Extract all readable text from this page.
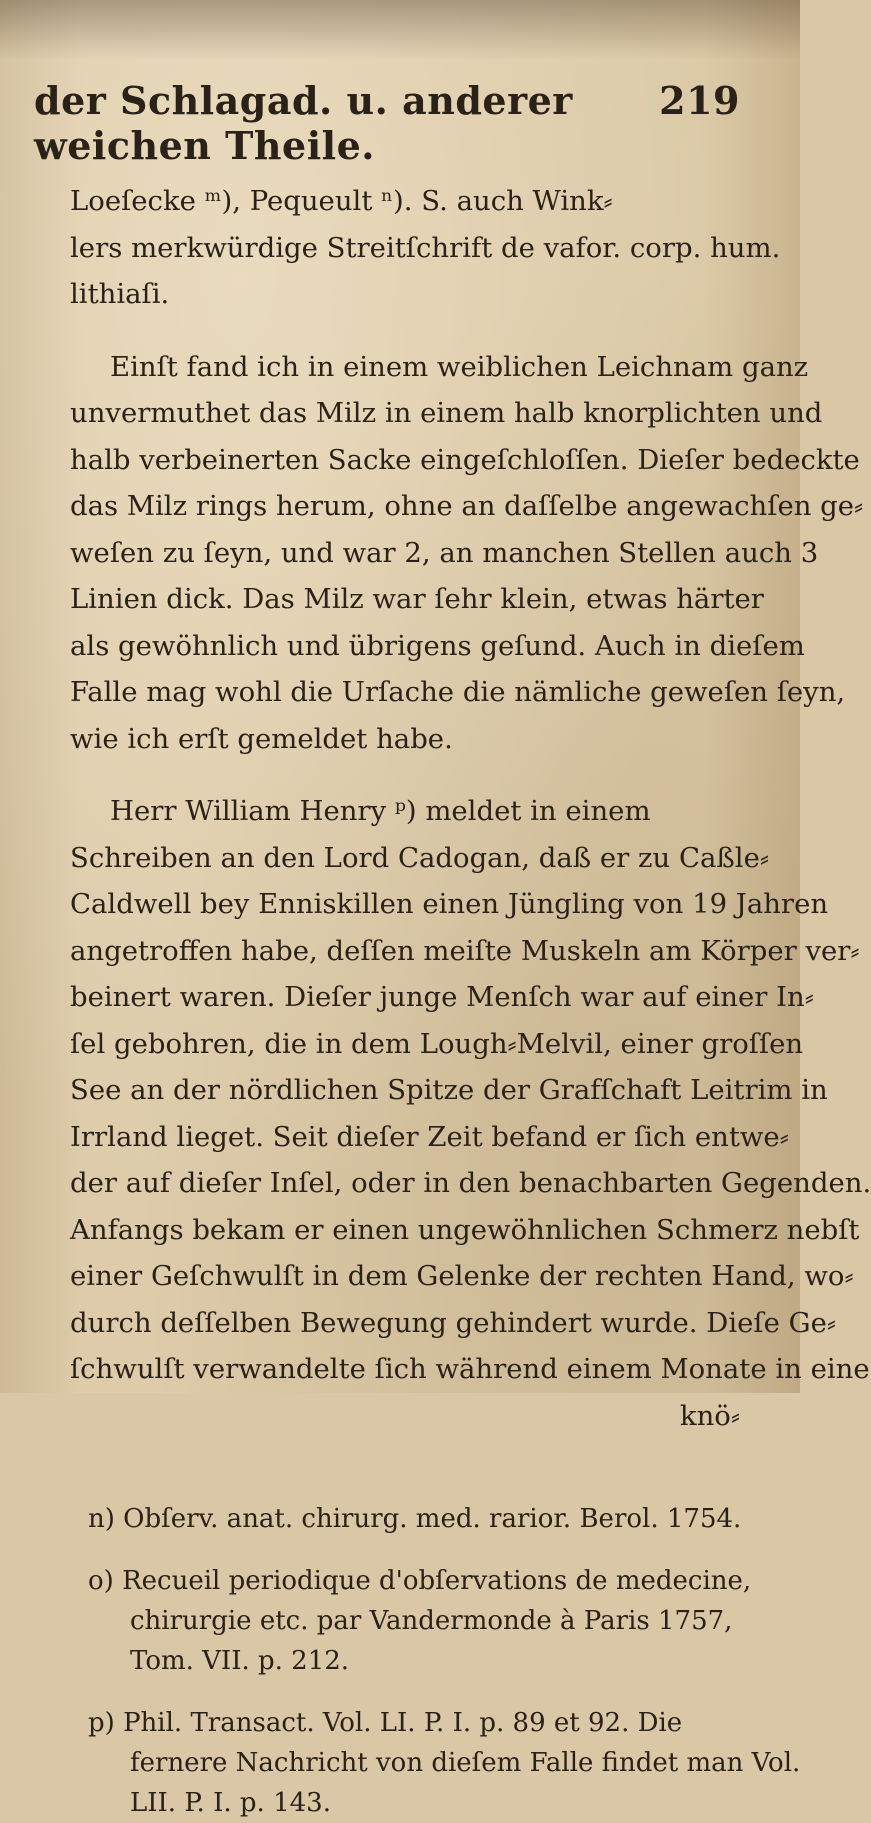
der Schlagad. u. anderer weichen Theile.
219
Loeſecke ᵐ), Pequeult ⁿ). S. auch Wink⸗
lers merkwürdige Streitſchrift de vafor. corp. hum.
lithiaſi.
Einſt fand ich in einem weiblichen Leichnam ganz
unvermuthet das Milz in einem halb knorplichten und
halb verbeinerten Sacke eingeſchloſſen. Dieſer bedeckte
das Milz rings herum, ohne an daſſelbe angewachſen ge⸗
weſen zu ſeyn, und war 2, an manchen Stellen auch 3
Linien dick. Das Milz war ſehr klein, etwas härter
als gewöhnlich und übrigens geſund. Auch in dieſem
Falle mag wohl die Urſache die nämliche geweſen ſeyn,
wie ich erſt gemeldet habe.
Herr William Henry ᵖ) meldet in einem
Schreiben an den Lord Cadogan, daß er zu Caßle⸗
Caldwell bey Enniskillen einen Jüngling von 19 Jahren
angetroffen habe, deſſen meiſte Muskeln am Körper ver⸗
beinert waren. Dieſer junge Menſch war auf einer In⸗
ſel gebohren, die in dem Lough⸗Melvil, einer groſſen
See an der nördlichen Spitze der Grafſchaft Leitrim in
Irrland lieget. Seit dieſer Zeit befand er ſich entwe⸗
der auf dieſer Inſel, oder in den benachbarten Gegenden.
Anfangs bekam er einen ungewöhnlichen Schmerz nebſt
einer Geſchwulſt in dem Gelenke der rechten Hand, wo⸗
durch deſſelben Bewegung gehindert wurde. Dieſe Ge⸗
ſchwulſt verwandelte ſich während einem Monate in eine
knö⸗
n) Obſerv. anat. chirurg. med. rarior. Berol. 1754.
o) Recueil periodique d'obſervations de medecine,
chirurgie etc. par Vandermonde à Paris 1757,
Tom. VII. p. 212.
p) Phil. Transact. Vol. LI. P. I. p. 89 et 92. Die
fernere Nachricht von dieſem Falle findet man Vol.
LII. P. I. p. 143.
